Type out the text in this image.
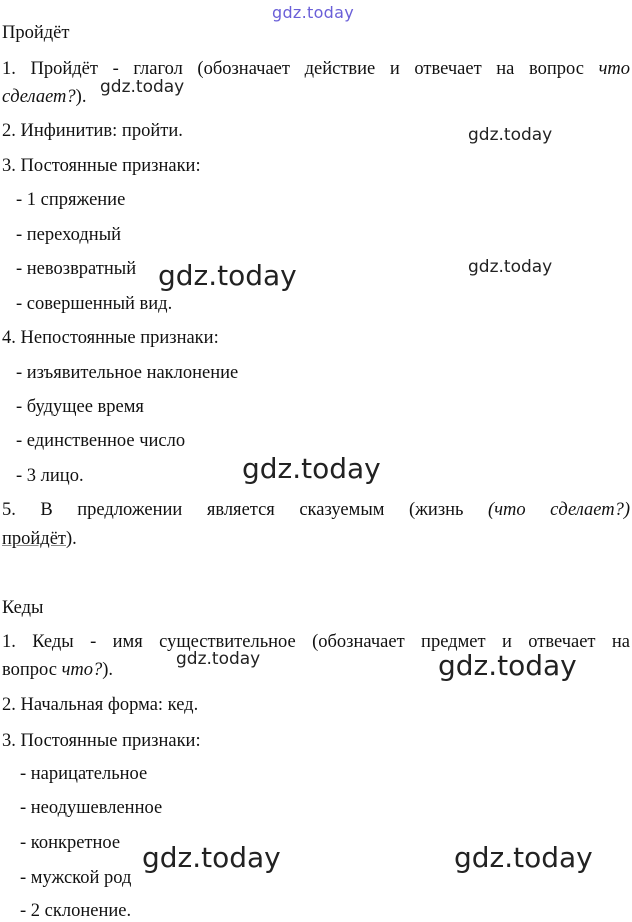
gdz.today
Пройдёт
1. Пройдёт - глагол (обозначает действие и отвечает на вопрос что
сделает?).
2. Инфинитив: пройти.
3. Постоянные признаки:
- 1 спряжение
- переходный
- невозвратный
- совершенный вид.
4. Непостоянные признаки:
- изъявительное наклонение
- будущее время
- единственное число
- 3 лицо.
5. В предложении является сказуемым (жизнь (что сделает?)
пройдёт).
Кеды
1. Кеды - имя существительное (обозначает предмет и отвечает на
вопрос что?).
2. Начальная форма: кед.
3. Постоянные признаки:
- нарицательное
- неодушевленное
- конкретное
- мужской род
- 2 склонение.
gdz.today
gdz.today
gdz.today	gdz.today
gdz.today
gdz.today	gdz.today
gdz.today	gdz.today
